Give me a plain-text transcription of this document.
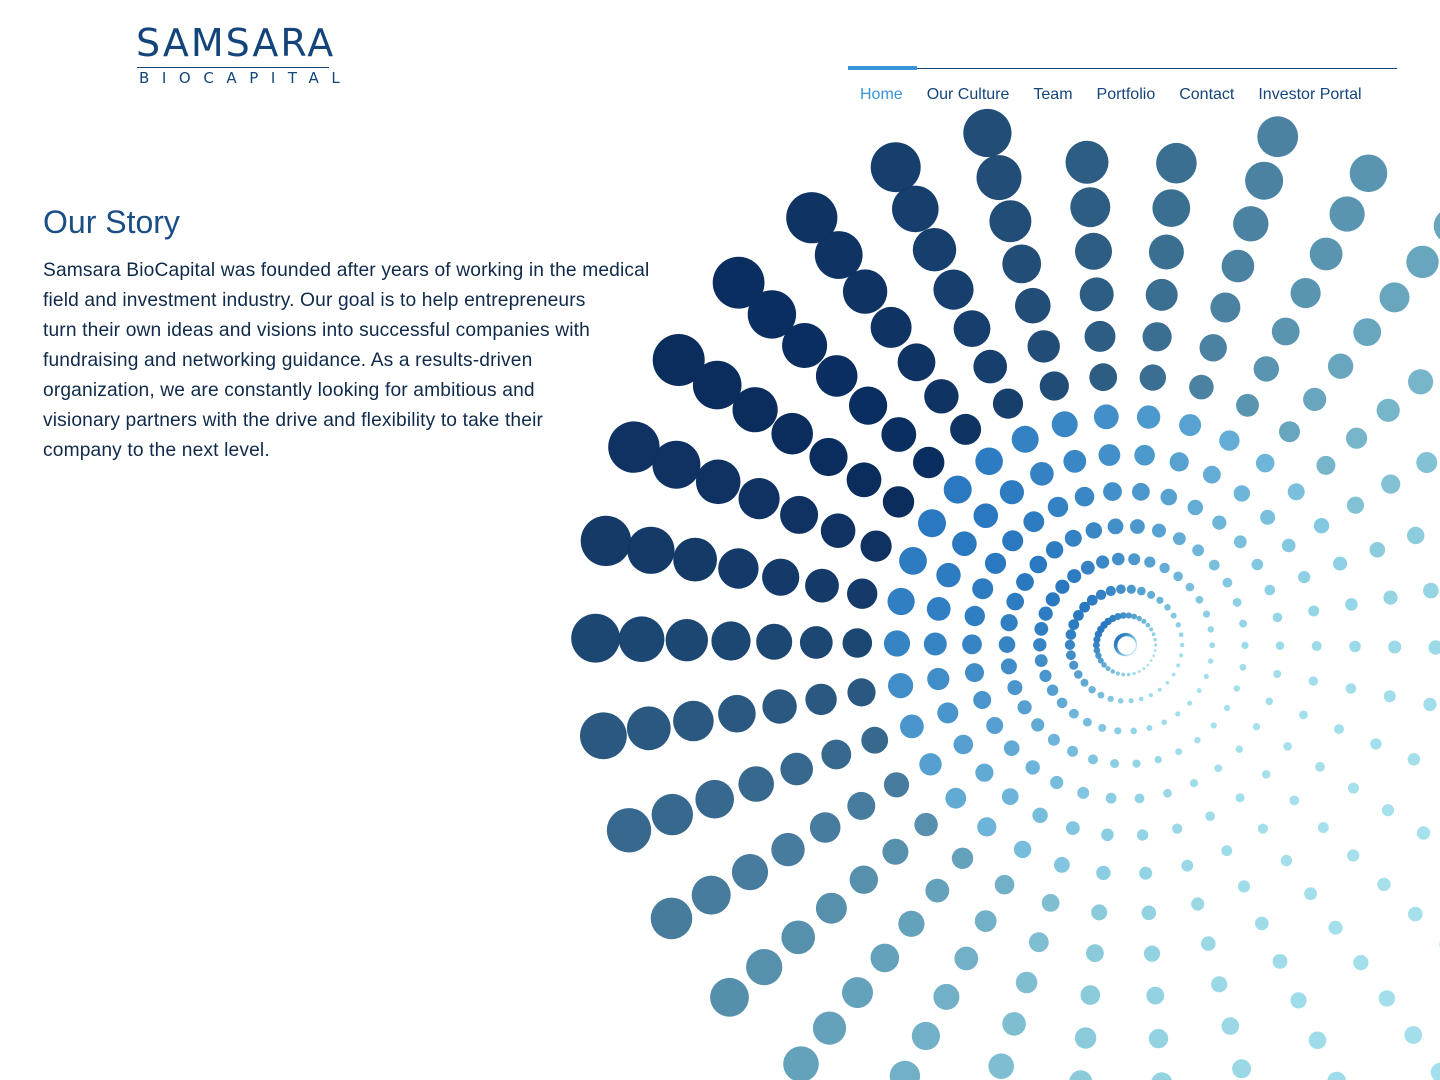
SAMSARA
BIOCAPITAL
Home	Our Culture	Team	Portfolio	Contact	Investor Portal
Our Story

Samsara BioCapital was founded after years of working in the medical
field and investment industry. Our goal is to help entrepreneurs
turn their own ideas and visions into successful companies with
fundraising and networking guidance. As a results-driven
organization, we are constantly looking for ambitious and
visionary partners with the drive and flexibility to take their
company to the next level.
